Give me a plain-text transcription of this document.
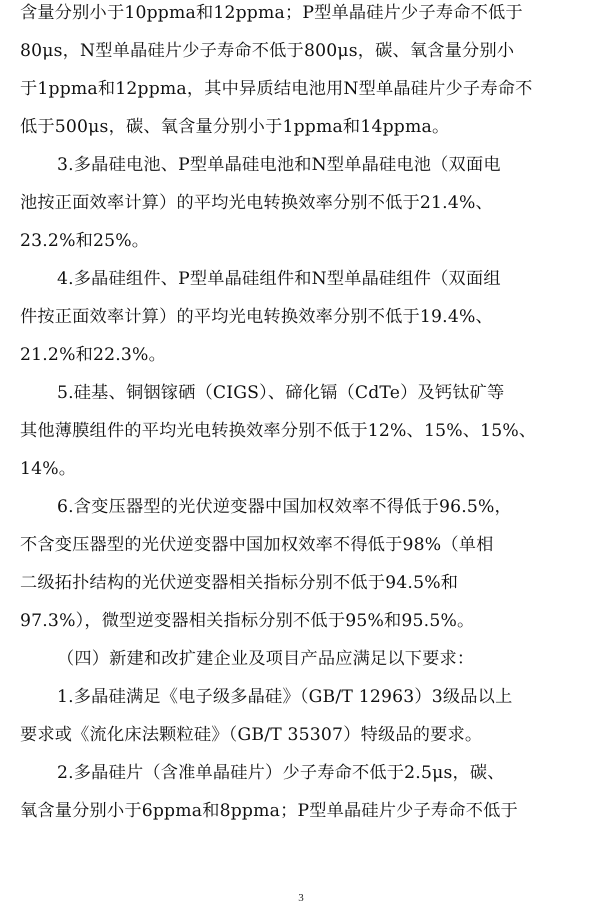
含量分别小于10ppma和12ppma；P型单晶硅片少子寿命不低于
80μs，N型单晶硅片少子寿命不低于800μs，碳、氧含量分别小
于1ppma和12ppma，其中异质结电池用N型单晶硅片少子寿命不
低于500μs，碳、氧含量分别小于1ppma和14ppma。
3.多晶硅电池、P型单晶硅电池和N型单晶硅电池（双面电
池按正面效率计算）的平均光电转换效率分别不低于21.4%、
23.2%和25%。
4.多晶硅组件、P型单晶硅组件和N型单晶硅组件（双面组
件按正面效率计算）的平均光电转换效率分别不低于19.4%、
21.2%和22.3%。
5.硅基、铜铟镓硒（CIGS）、碲化镉（CdTe）及钙钛矿等
其他薄膜组件的平均光电转换效率分别不低于12%、15%、15%、
14%。
6.含变压器型的光伏逆变器中国加权效率不得低于96.5%，
不含变压器型的光伏逆变器中国加权效率不得低于98%（单相
二级拓扑结构的光伏逆变器相关指标分别不低于94.5%和
97.3%），微型逆变器相关指标分别不低于95%和95.5%。
（四）新建和改扩建企业及项目产品应满足以下要求：
1.多晶硅满足《电子级多晶硅》（GB/T 12963）3级品以上
要求或《流化床法颗粒硅》（GB/T 35307）特级品的要求。
2.多晶硅片（含准单晶硅片）少子寿命不低于2.5μs，碳、
氧含量分别小于6ppma和8ppma；P型单晶硅片少子寿命不低于
3
